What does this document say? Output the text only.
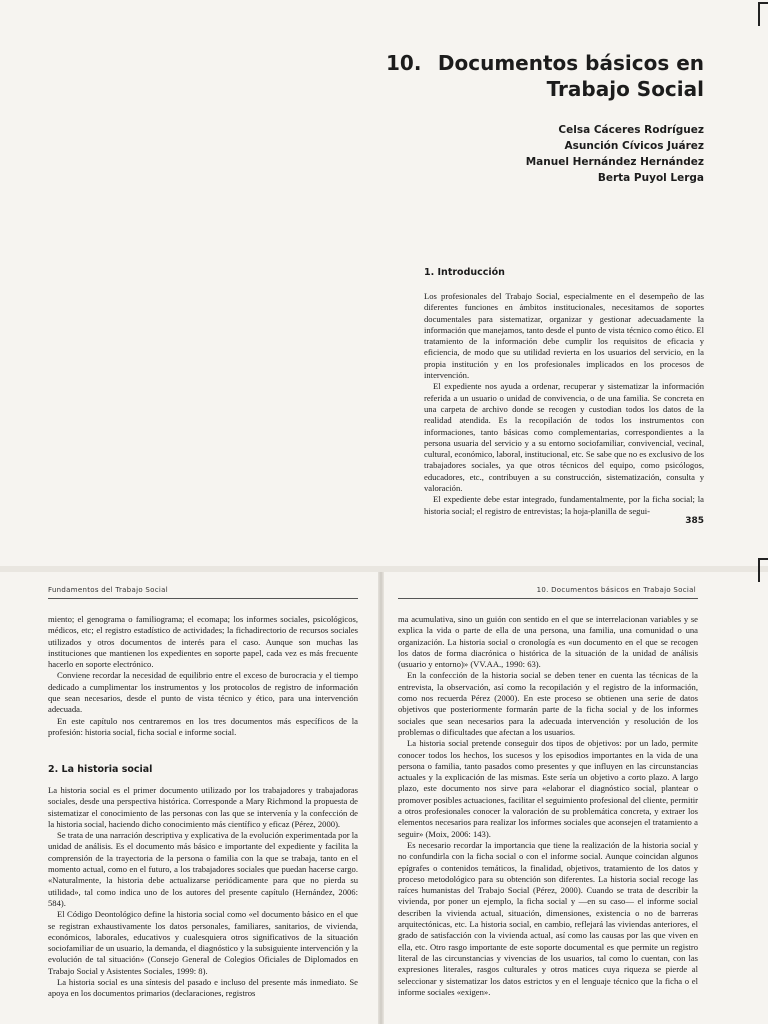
10. Documentos básicos en
Trabajo Social
Celsa Cáceres Rodríguez
Asunción Cívicos Juárez
Manuel Hernández Hernández
Berta Puyol Lerga
1. Introducción

Los profesionales del Trabajo Social, especialmente en el desempeño de las diferentes funciones en ámbitos institucionales, necesitamos de soportes documentales para sistematizar, organizar y gestionar adecuadamente la información que manejamos, tanto desde el punto de vista técnico como ético. El tratamiento de la información debe cumplir los requisitos de eficacia y eficiencia, de modo que su utilidad revierta en los usuarios del servicio, en la propia institución y en los profesionales implicados en los procesos de intervención.

El expediente nos ayuda a ordenar, recuperar y sistematizar la información referida a un usuario o unidad de convivencia, o de una familia. Se concreta en una carpeta de archivo donde se recogen y custodian todos los datos de la realidad atendida. Es la recopilación de todos los instrumentos con informaciones, tanto básicas como complementarias, correspondientes a la persona usuaria del servicio y a su entorno sociofamiliar, convivencial, vecinal, cultural, económico, laboral, institucional, etc. Se sabe que no es exclusivo de los trabajadores sociales, ya que otros técnicos del equipo, como psicólogos, educadores, etc., contribuyen a su construcción, sistematización, consulta y valoración.

El expediente debe estar integrado, fundamentalmente, por la ficha social; la historia social; el registro de entrevistas; la hoja-planilla de segui-

385
Fundamentos del Trabajo Social

miento; el genograma o familiograma; el ecomapa; los informes sociales, psicológicos, médicos, etc; el registro estadístico de actividades; la fichadirectorio de recursos sociales utilizados y otros documentos de interés para el caso. Aunque son muchas las instituciones que mantienen los expedientes en soporte papel, cada vez es más frecuente hacerlo en soporte electrónico.

Conviene recordar la necesidad de equilibrio entre el exceso de burocracia y el tiempo dedicado a cumplimentar los instrumentos y los protocolos de registro de información que sean necesarios, desde el punto de vista técnico y ético, para una intervención adecuada.

En este capítulo nos centraremos en los tres documentos más específicos de la profesión: historia social, ficha social e informe social.

2. La historia social

La historia social es el primer documento utilizado por los trabajadores y trabajadoras sociales, desde una perspectiva histórica. Corresponde a Mary Richmond la propuesta de sistematizar el conocimiento de las personas con las que se intervenía y la confección de la historia social, haciendo dicho conocimiento más científico y eficaz (Pérez, 2000).

Se trata de una narración descriptiva y explicativa de la evolución experimentada por la unidad de análisis. Es el documento más básico e importante del expediente y facilita la comprensión de la trayectoria de la persona o familia con la que se trabaja, tanto en el momento actual, como en el futuro, a los trabajadores sociales que puedan hacerse cargo. «Naturalmente, la historia debe actualizarse periódicamente para que no pierda su utilidad», tal como indica uno de los autores del presente capítulo (Hernández, 2006: 584).

El Código Deontológico define la historia social como «el documento básico en el que se registran exhaustivamente los datos personales, familiares, sanitarios, de vivienda, económicos, laborales, educativos y cualesquiera otros significativos de la situación sociofamiliar de un usuario, la demanda, el diagnóstico y la subsiguiente intervención y la evolución de tal situación» (Consejo General de Colegios Oficiales de Diplomados en Trabajo Social y Asistentes Sociales, 1999: 8).

La historia social es una síntesis del pasado e incluso del presente más inmediato. Se apoya en los documentos primarios (declaraciones, registros

10. Documentos básicos en Trabajo Social

ma acumulativa, sino un guión con sentido en el que se interrelacionan variables y se explica la vida o parte de ella de una persona, una familia, una comunidad o una organización. La historia social o cronología es «un documento en el que se recogen los datos de forma diacrónica o histórica de la situación de la unidad de análisis (usuario y entorno)» (VV.AA., 1990: 63).

En la confección de la historia social se deben tener en cuenta las técnicas de la entrevista, la observación, así como la recopilación y el registro de la información, como nos recuerda Pérez (2000). En este proceso se obtienen una serie de datos objetivos que posteriormente formarán parte de la ficha social y de los informes sociales que sean necesarios para la adecuada intervención y resolución de los problemas o dificultades que afectan a los usuarios.

La historia social pretende conseguir dos tipos de objetivos: por un lado, permite conocer todos los hechos, los sucesos y los episodios importantes en la vida de una persona o familia, tanto pasados como presentes y que influyen en las circunstancias actuales y la explicación de las mismas. Este sería un objetivo a corto plazo. A largo plazo, este documento nos sirve para «elaborar el diagnóstico social, plantear o promover posibles actuaciones, facilitar el seguimiento profesional del cliente, permitir a otros profesionales conocer la valoración de su problemática concreta, y extraer los elementos necesarios para realizar los informes sociales que aconsejen el tratamiento a seguir» (Moix, 2006: 143).

Es necesario recordar la importancia que tiene la realización de la historia social y no confundirla con la ficha social o con el informe social. Aunque coincidan algunos epígrafes o contenidos temáticos, la finalidad, objetivos, tratamiento de los datos y proceso metodológico para su obtención son diferentes. La historia social recoge las raíces humanistas del Trabajo Social (Pérez, 2000). Cuando se trata de describir la vivienda, por poner un ejemplo, la ficha social y —en su caso— el informe social describen la vivienda actual, situación, dimensiones, existencia o no de barreras arquitectónicas, etc. La historia social, en cambio, reflejará las viviendas anteriores, el grado de satisfacción con la vivienda actual, así como las causas por las que viven en ella, etc. Otro rasgo importante de este soporte documental es que permite un registro literal de las circunstancias y vivencias de los usuarios, tal como lo cuentan, con las expresiones literales, rasgos culturales y otros matices cuya riqueza se pierde al seleccionar y sistematizar los datos estrictos y en el lenguaje técnico que la ficha o el informe sociales «exigen».
